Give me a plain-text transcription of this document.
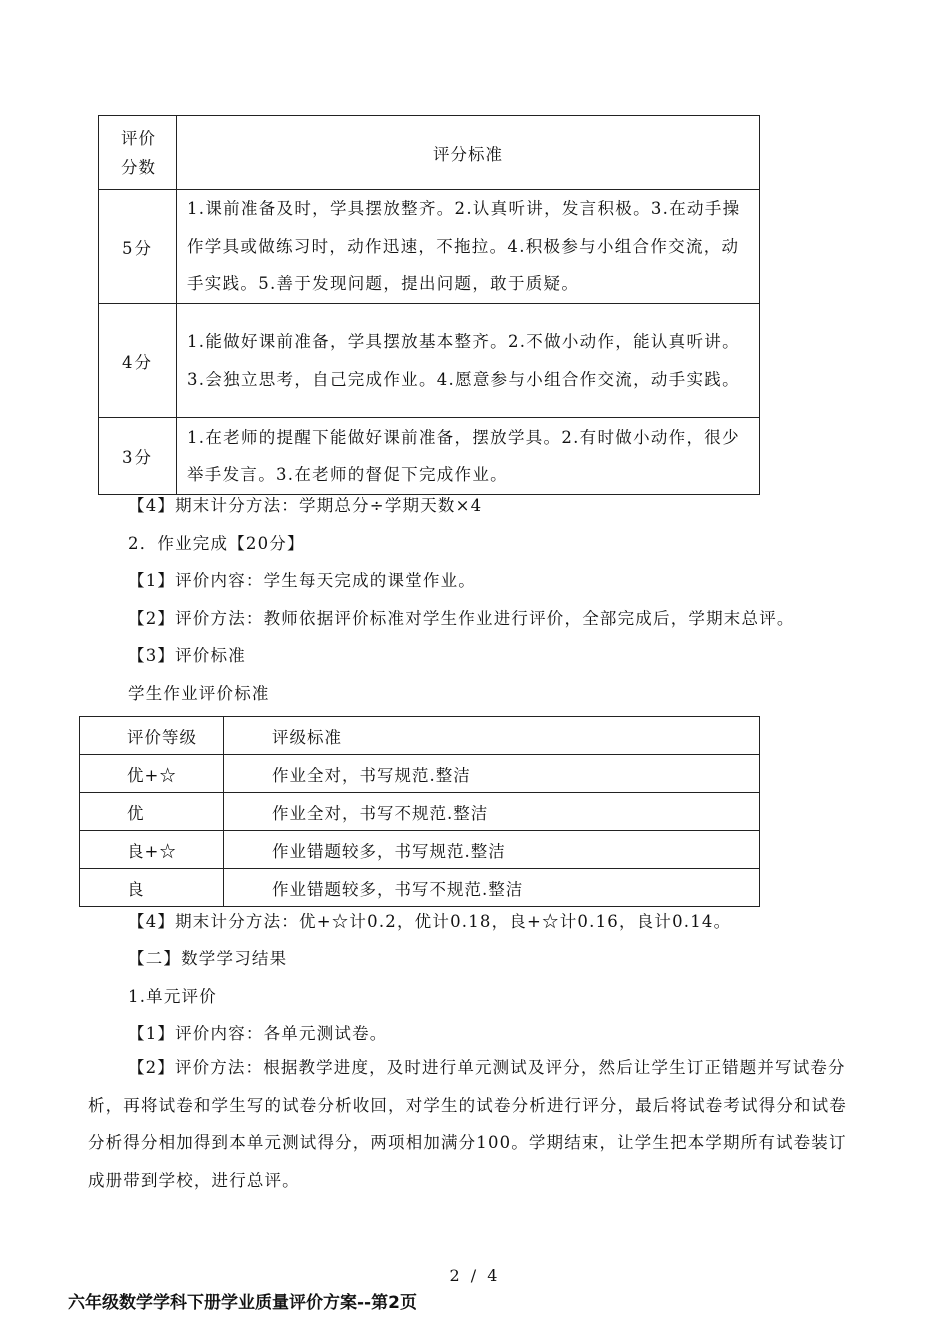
评价
分数	评分标准
5分	1.课前准备及时，学具摆放整齐。2.认真听讲，发言积极。3.在动手操作学具或做练习时，动作迅速，不拖拉。4.积极参与小组合作交流，动手实践。5.善于发现问题，提出问题，敢于质疑。
4分	1.能做好课前准备，学具摆放基本整齐。2.不做小动作，能认真听讲。3.会独立思考，自己完成作业。4.愿意参与小组合作交流，动手实践。
3分	1.在老师的提醒下能做好课前准备，摆放学具。2.有时做小动作，很少举手发言。3.在老师的督促下完成作业。
【4】期末计分方法：学期总分÷学期天数×4
2．作业完成【20分】
【1】评价内容：学生每天完成的课堂作业。
【2】评价方法：教师依据评价标准对学生作业进行评价，全部完成后，学期末总评。
【3】评价标准
学生作业评价标准
评价等级	评级标准
优+☆	作业全对，书写规范.整洁
优	作业全对，书写不规范.整洁
良+☆	作业错题较多，书写规范.整洁
良	作业错题较多，书写不规范.整洁
【4】期末计分方法：优+☆计0.2，优计0.18，良+☆计0.16，良计0.14。
【二】数学学习结果
1.单元评价
【1】评价内容：各单元测试卷。
【2】评价方法：根据教学进度，及时进行单元测试及评分，然后让学生订正错题并写试卷分析，再将试卷和学生写的试卷分析收回，对学生的试卷分析进行评分，最后将试卷考试得分和试卷分析得分相加得到本单元测试得分，两项相加满分100。学期结束，让学生把本学期所有试卷装订成册带到学校，进行总评。
2 / 4
六年级数学学科下册学业质量评价方案--第2页
